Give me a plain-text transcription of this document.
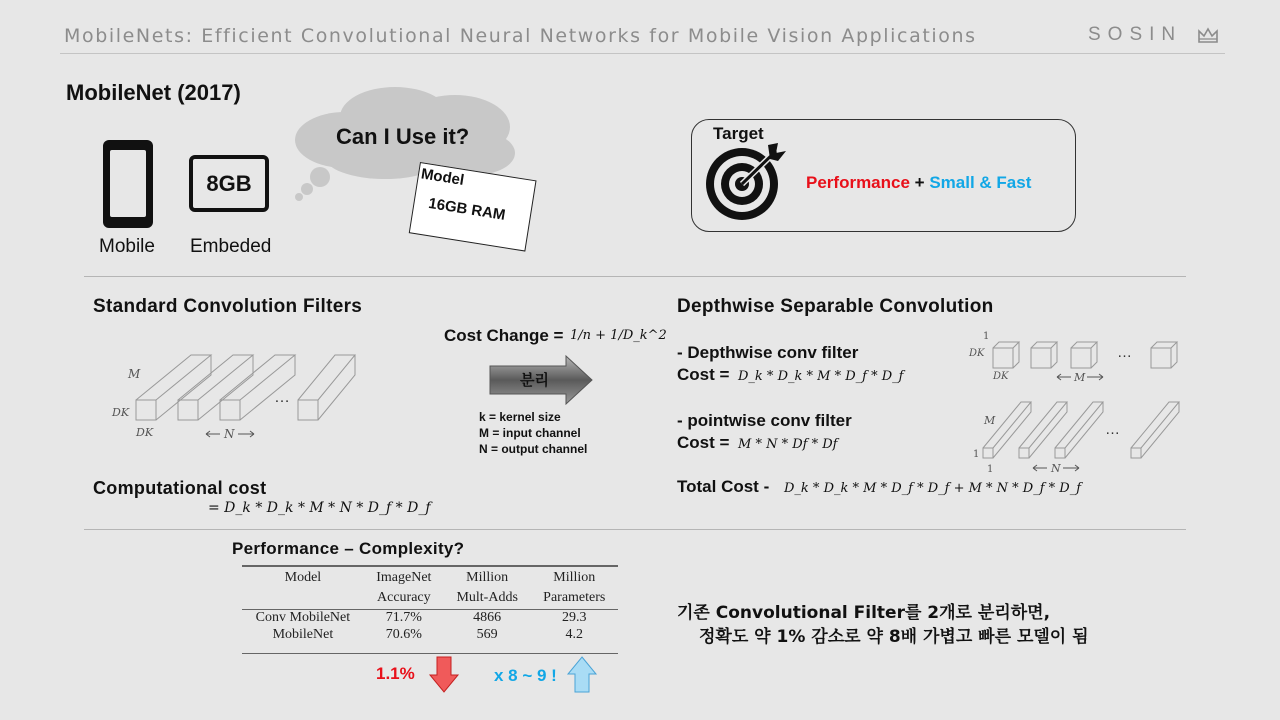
MobileNets: Efficient Convolutional Neural Networks for Mobile Vision Applications	SOSIN
MobileNet (2017)
Mobile
8GB
Embeded
Can I Use it?
Model
16GB RAM
Target
Performance + Small & Fast
Standard Convolution Filters
M
DK
DK	N
…
Computational cost
= D_k * D_k * M * N * D_f * D_f
Cost Change = 1/n + 1/D_k^2
분리
k = kernel size
M = input channel
N = output channel
Depthwise Separable Convolution
- Depthwise conv filter
Cost = D_k * D_k * M * D_f * D_f
- pointwise conv filter
Cost = M * N * Df * Df
Total Cost - D_k * D_k * M * D_f * D_f + M * N * D_f * D_f
1
DK
DK	M
…
M
1
1	N
…
Performance – Complexity?
Model	ImageNet	Million	Million
	Accuracy	Mult-Adds	Parameters
Conv MobileNet	71.7%	4866	29.3
MobileNet	70.6%	569	4.2
1.1%	x 8 ~ 9 !
기존 Convolutional Filter를 2개로 분리하면,
정확도 약 1% 감소로 약 8배 가볍고 빠른 모델이 됨
